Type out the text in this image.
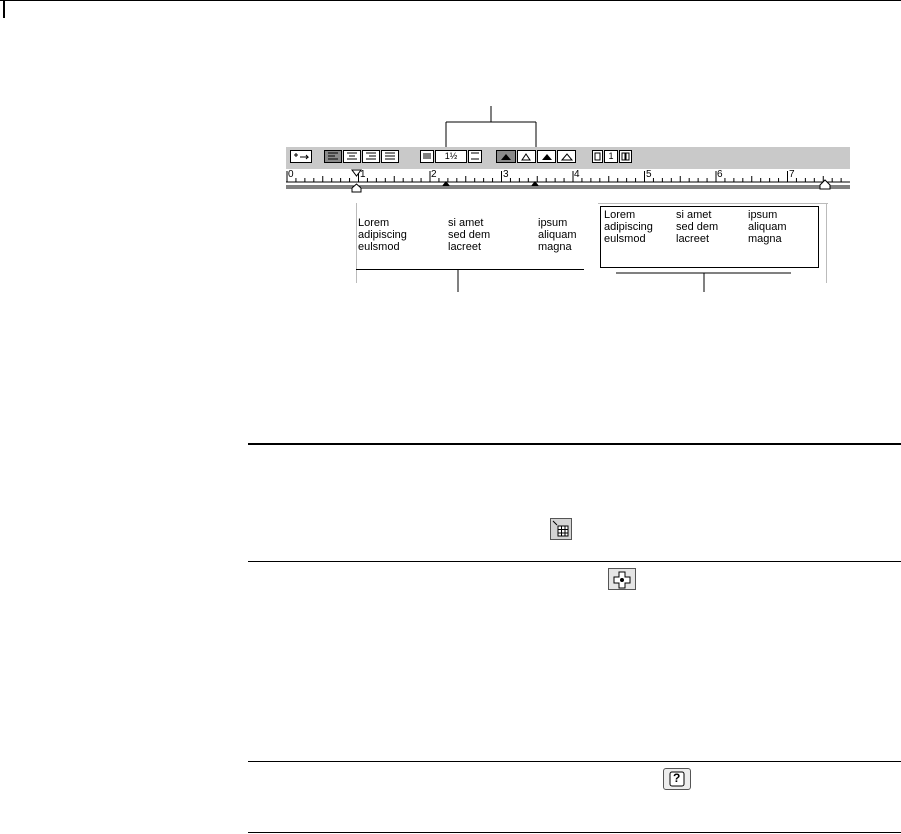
1½	1
0	1	2	3	4	5	6	7
Lorem	si amet	ipsum
adipiscing	sed dem	aliquam
eulsmod	lacreet	magna
Lorem	si amet	ipsum
adipiscing	sed dem	aliquam
eulsmod	lacreet	magna
?
